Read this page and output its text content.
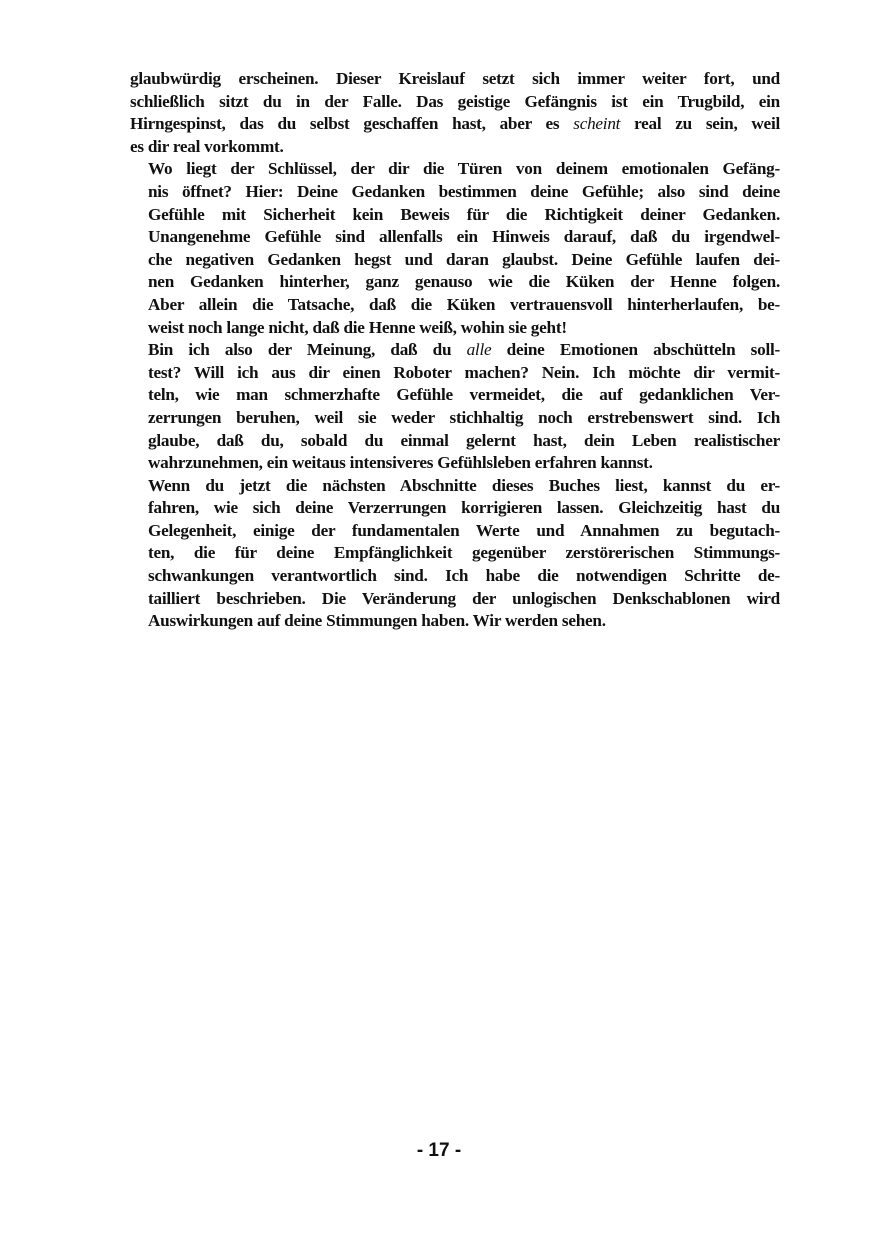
glaubwürdig erscheinen. Dieser Kreislauf setzt sich immer weiter fort, und
schließlich sitzt du in der Falle. Das geistige Gefängnis ist ein Trugbild, ein
Hirngespinst, das du selbst geschaffen hast, aber es scheint real zu sein, weil
es dir real vorkommt.
Wo liegt der Schlüssel, der dir die Türen von deinem emotionalen Gefäng-
nis öffnet? Hier: Deine Gedanken bestimmen deine Gefühle; also sind deine
Gefühle mit Sicherheit kein Beweis für die Richtigkeit deiner Gedanken.
Unangenehme Gefühle sind allenfalls ein Hinweis darauf, daß du irgendwel-
che negativen Gedanken hegst und daran glaubst. Deine Gefühle laufen dei-
nen Gedanken hinterher, ganz genauso wie die Küken der Henne folgen.
Aber allein die Tatsache, daß die Küken vertrauensvoll hinterherlaufen, be-
weist noch lange nicht, daß die Henne weiß, wohin sie geht!
Bin ich also der Meinung, daß du alle deine Emotionen abschütteln soll-
test? Will ich aus dir einen Roboter machen? Nein. Ich möchte dir vermit-
teln, wie man schmerzhafte Gefühle vermeidet, die auf gedanklichen Ver-
zerrungen beruhen, weil sie weder stichhaltig noch erstrebenswert sind. Ich
glaube, daß du, sobald du einmal gelernt hast, dein Leben realistischer
wahrzunehmen, ein weitaus intensiveres Gefühlsleben erfahren kannst.
Wenn du jetzt die nächsten Abschnitte dieses Buches liest, kannst du er-
fahren, wie sich deine Verzerrungen korrigieren lassen. Gleichzeitig hast du
Gelegenheit, einige der fundamentalen Werte und Annahmen zu begutach-
ten, die für deine Empfänglichkeit gegenüber zerstörerischen Stimmungs-
schwankungen verantwortlich sind. Ich habe die notwendigen Schritte de-
tailliert beschrieben. Die Veränderung der unlogischen Denkschablonen wird
Auswirkungen auf deine Stimmungen haben. Wir werden sehen.
- 17 -
